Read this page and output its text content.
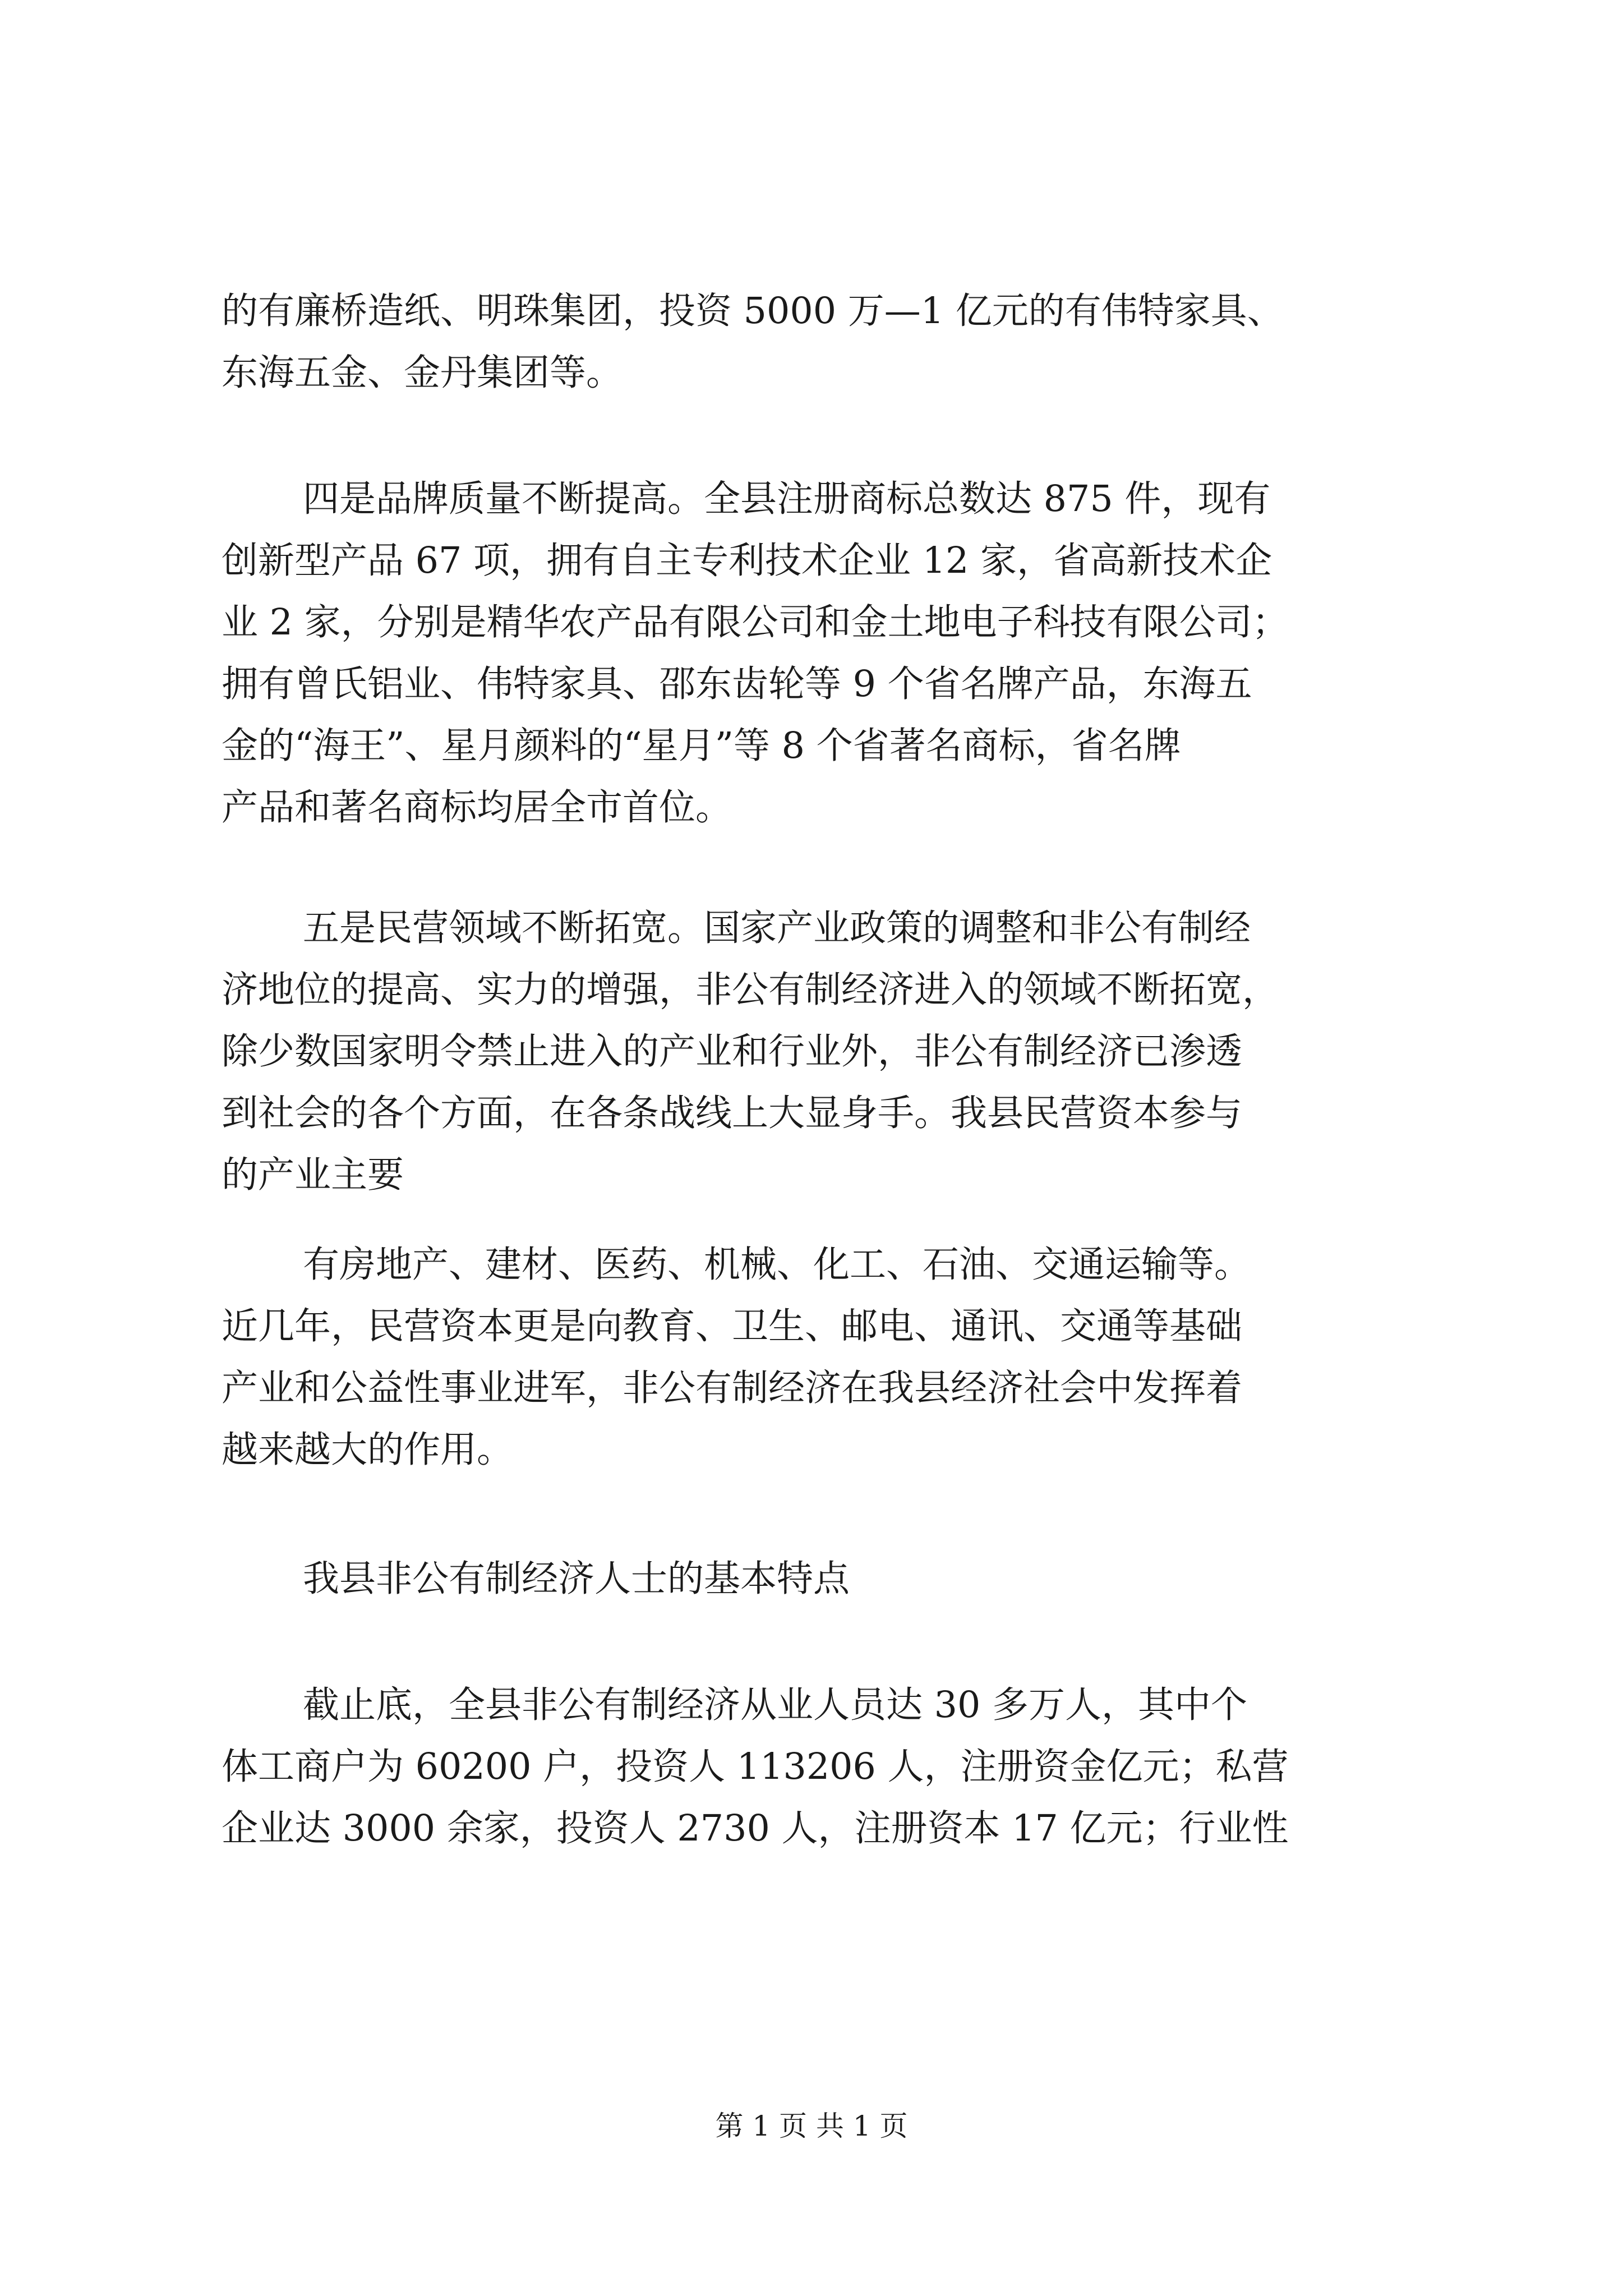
的有廉桥造纸、明珠集团，投资 5000 万—1 亿元的有伟特家具、
东海五金、金丹集团等。
四是品牌质量不断提高。全县注册商标总数达 875 件，现有
创新型产品 67 项，拥有自主专利技术企业 12 家，省高新技术企
业 2 家，分别是精华农产品有限公司和金土地电子科技有限公司；
拥有曾氏铝业、伟特家具、邵东齿轮等 9 个省名牌产品，东海五
金的“海王”、星月颜料的“星月”等 8 个省著名商标，省名牌
产品和著名商标均居全市首位。
五是民营领域不断拓宽。国家产业政策的调整和非公有制经
济地位的提高、实力的增强，非公有制经济进入的领域不断拓宽，
除少数国家明令禁止进入的产业和行业外，非公有制经济已渗透
到社会的各个方面，在各条战线上大显身手。我县民营资本参与
的产业主要
有房地产、建材、医药、机械、化工、石油、交通运输等。
近几年，民营资本更是向教育、卫生、邮电、通讯、交通等基础
产业和公益性事业进军，非公有制经济在我县经济社会中发挥着
越来越大的作用。
我县非公有制经济人士的基本特点
截止底，全县非公有制经济从业人员达 30 多万人，其中个
体工商户为 60200 户，投资人 113206 人，注册资金亿元；私营
企业达 3000 余家，投资人 2730 人，注册资本 17 亿元；行业性
第 1 页 共 1 页
